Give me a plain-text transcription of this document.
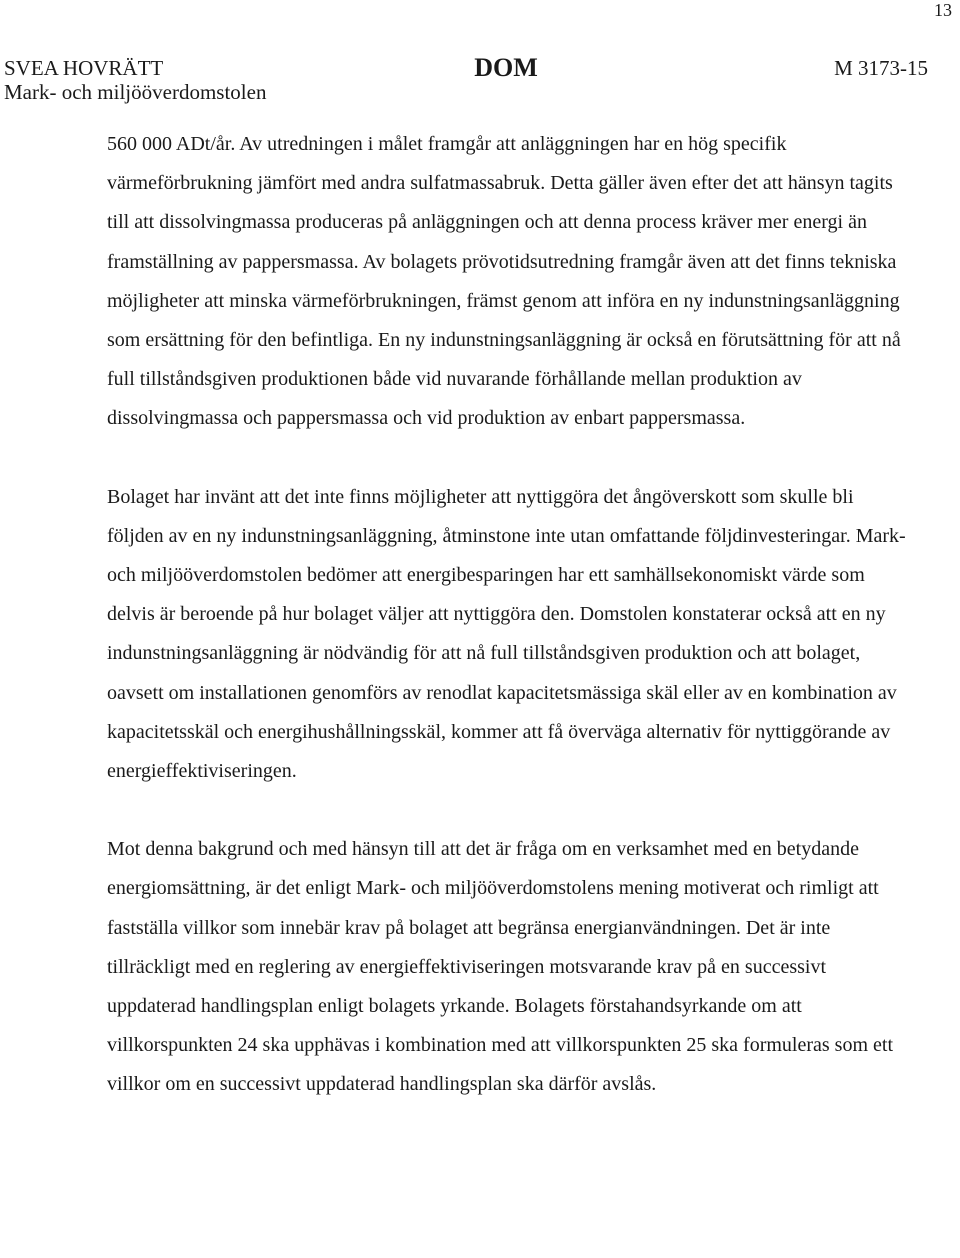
13
SVEA HOVRÄTT
Mark- och miljööverdomstolen
DOM	M 3173-15

560 000 ADt/år. Av utredningen i målet framgår att anläggningen har en hög specifik värmeförbrukning jämfört med andra sulfatmassabruk. Detta gäller även efter det att hänsyn tagits till att dissolvingmassa produceras på anläggningen och att denna process kräver mer energi än framställning av pappersmassa. Av bolagets prövotidsutredning framgår även att det finns tekniska möjligheter att minska värmeförbrukningen, främst genom att införa en ny indunstningsanläggning som ersättning för den befintliga. En ny indunstningsanläggning är också en förutsättning för att nå full tillståndsgiven produktionen både vid nuvarande förhållande mellan produktion av dissolvingmassa och pappersmassa och vid produktion av enbart pappersmassa.

Bolaget har invänt att det inte finns möjligheter att nyttiggöra det ångöverskott som skulle bli följden av en ny indunstningsanläggning, åtminstone inte utan omfattande följdinvesteringar. Mark- och miljööverdomstolen bedömer att energibesparingen har ett samhällsekonomiskt värde som delvis är beroende på hur bolaget väljer att nyttiggöra den. Domstolen konstaterar också att en ny indunstningsanläggning är nödvändig för att nå full tillståndsgiven produktion och att bolaget, oavsett om installationen genomförs av renodlat kapacitetsmässiga skäl eller av en kombination av kapacitetsskäl och energihushållningsskäl, kommer att få överväga alternativ för nyttiggörande av energieffektiviseringen.

Mot denna bakgrund och med hänsyn till att det är fråga om en verksamhet med en betydande energiomsättning, är det enligt Mark- och miljööverdomstolens mening motiverat och rimligt att fastställa villkor som innebär krav på bolaget att begränsa energianvändningen. Det är inte tillräckligt med en reglering av energieffektiviseringen motsvarande krav på en successivt uppdaterad handlingsplan enligt bolagets yrkande. Bolagets förstahandsyrkande om att villkorspunkten 24 ska upphävas i kombination med att villkorspunkten 25 ska formuleras som ett villkor om en successivt uppdaterad handlingsplan ska därför avslås.
